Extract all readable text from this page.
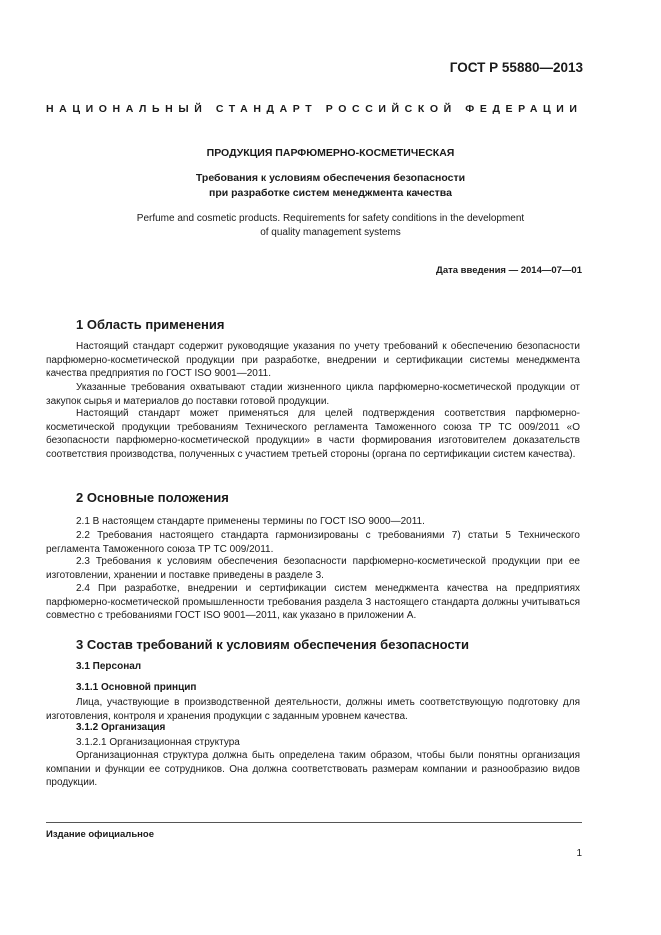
ГОСТ Р 55880—2013
НАЦИОНАЛЬНЫЙ СТАНДАРТ РОССИЙСКОЙ ФЕДЕРАЦИИ
ПРОДУКЦИЯ ПАРФЮМЕРНО-КОСМЕТИЧЕСКАЯ
Требования к условиям обеспечения безопасности
при разработке систем менеджмента качества
Perfume and cosmetic products. Requirements for safety conditions in the development
of quality management systems
Дата введения — 2014—07—01
1 Область применения
Настоящий стандарт содержит руководящие указания по учету требований к обеспечению безопасности парфюмерно-косметической продукции при разработке, внедрении и сертификации системы менеджмента качества предприятия по ГОСТ ISO 9001—2011.
Указанные требования охватывают стадии жизненного цикла парфюмерно-косметической продукции от закупок сырья и материалов до поставки готовой продукции.
Настоящий стандарт может применяться для целей подтверждения соответствия парфюмерно-косметической продукции требованиям Технического регламента Таможенного союза ТР ТС 009/2011 «О безопасности парфюмерно-косметической продукции» в части формирования изготовителем доказательств соответствия производства, полученных с участием третьей стороны (органа по сертификации систем качества).
2 Основные положения
2.1 В настоящем стандарте применены термины по ГОСТ ISO 9000—2011.
2.2 Требования настоящего стандарта гармонизированы с требованиями 7) статьи 5 Технического регламента Таможенного союза ТР ТС 009/2011.
2.3 Требования к условиям обеспечения безопасности парфюмерно-косметической продукции при ее изготовлении, хранении и поставке приведены в разделе 3.
2.4 При разработке, внедрении и сертификации систем менеджмента качества на предприятиях парфюмерно-косметической промышленности требования раздела 3 настоящего стандарта должны учитываться совместно с требованиями ГОСТ ISO 9001—2011, как указано в приложении А.
3 Состав требований к условиям обеспечения безопасности
3.1 Персонал
3.1.1 Основной принцип
Лица, участвующие в производственной деятельности, должны иметь соответствующую подготовку для изготовления, контроля и хранения продукции с заданным уровнем качества.
3.1.2 Организация
3.1.2.1 Организационная структура
Организационная структура должна быть определена таким образом, чтобы были понятны организация компании и функции ее сотрудников. Она должна соответствовать размерам компании и разнообразию видов продукции.
Издание официальное
1
